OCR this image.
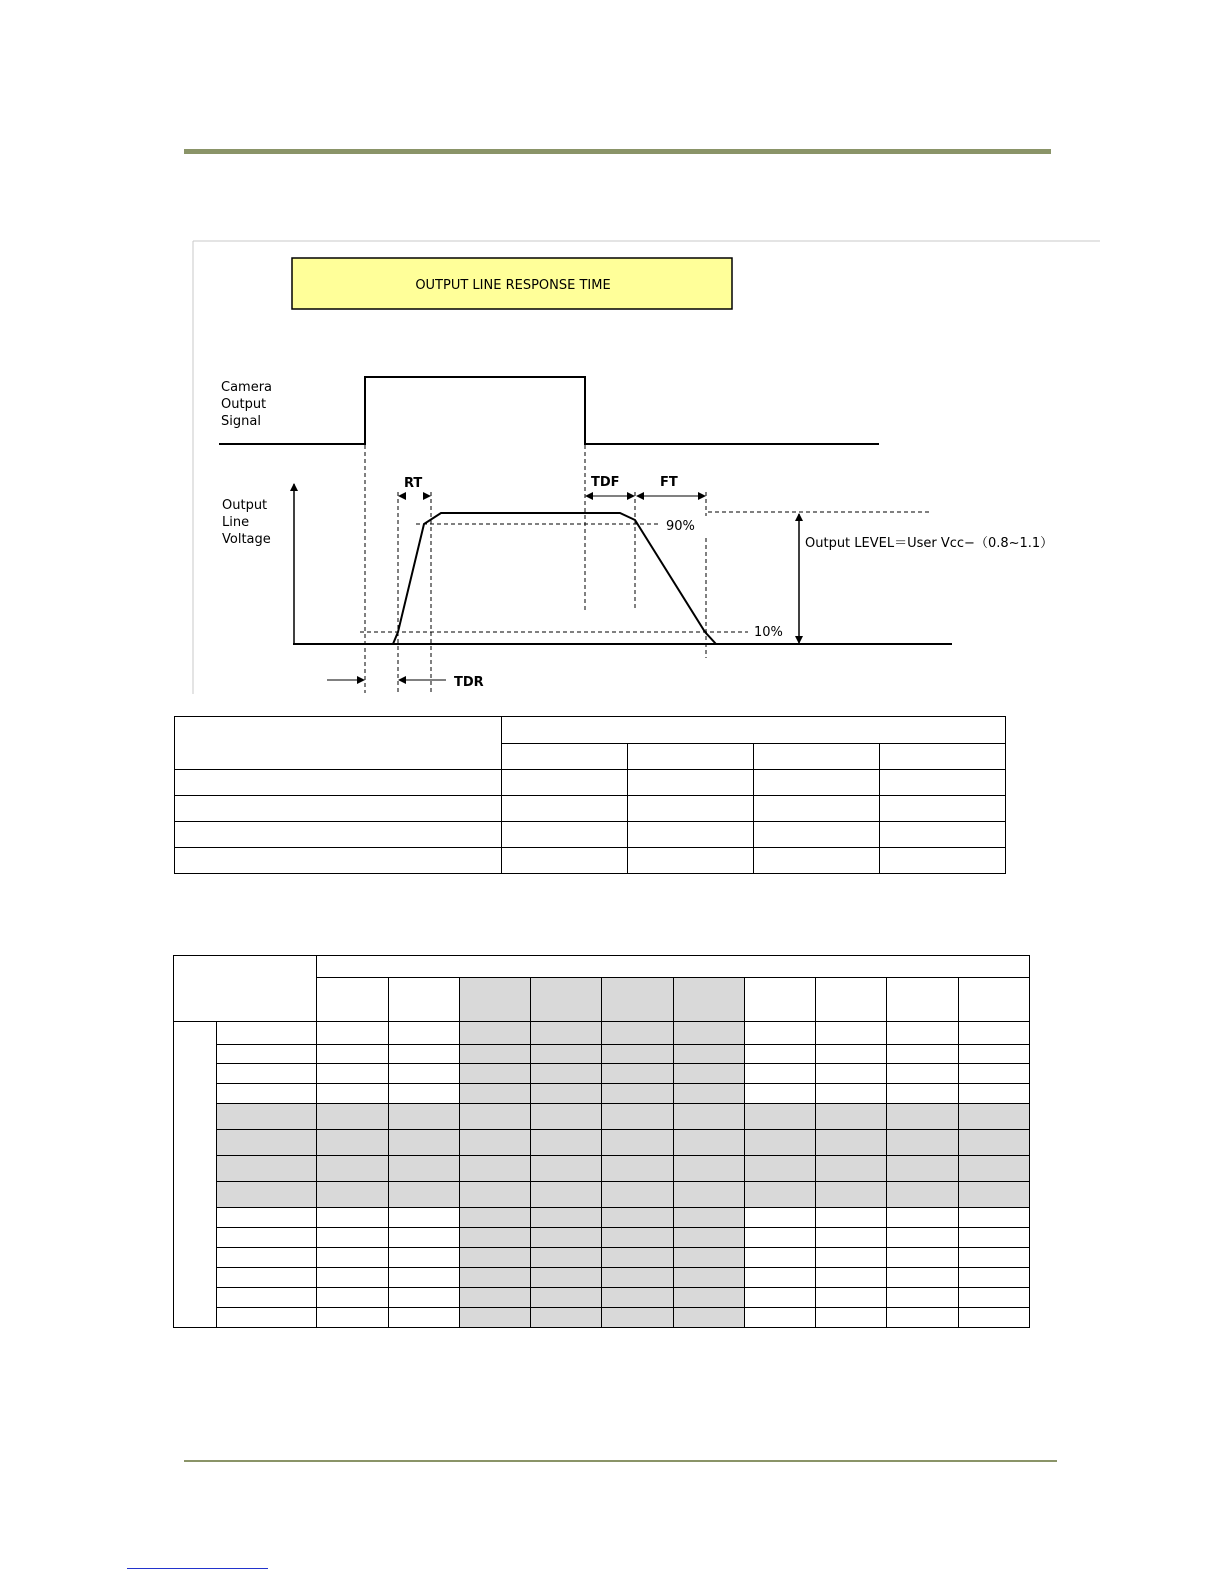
OUTPUT LINE RESPONSE TIME
Camera
Output
Signal
Output
Line
Voltage
RT	TDF	FT
90%
10%
Output LEVEL＝User Vcc−（0.8~1.1）
TDR
